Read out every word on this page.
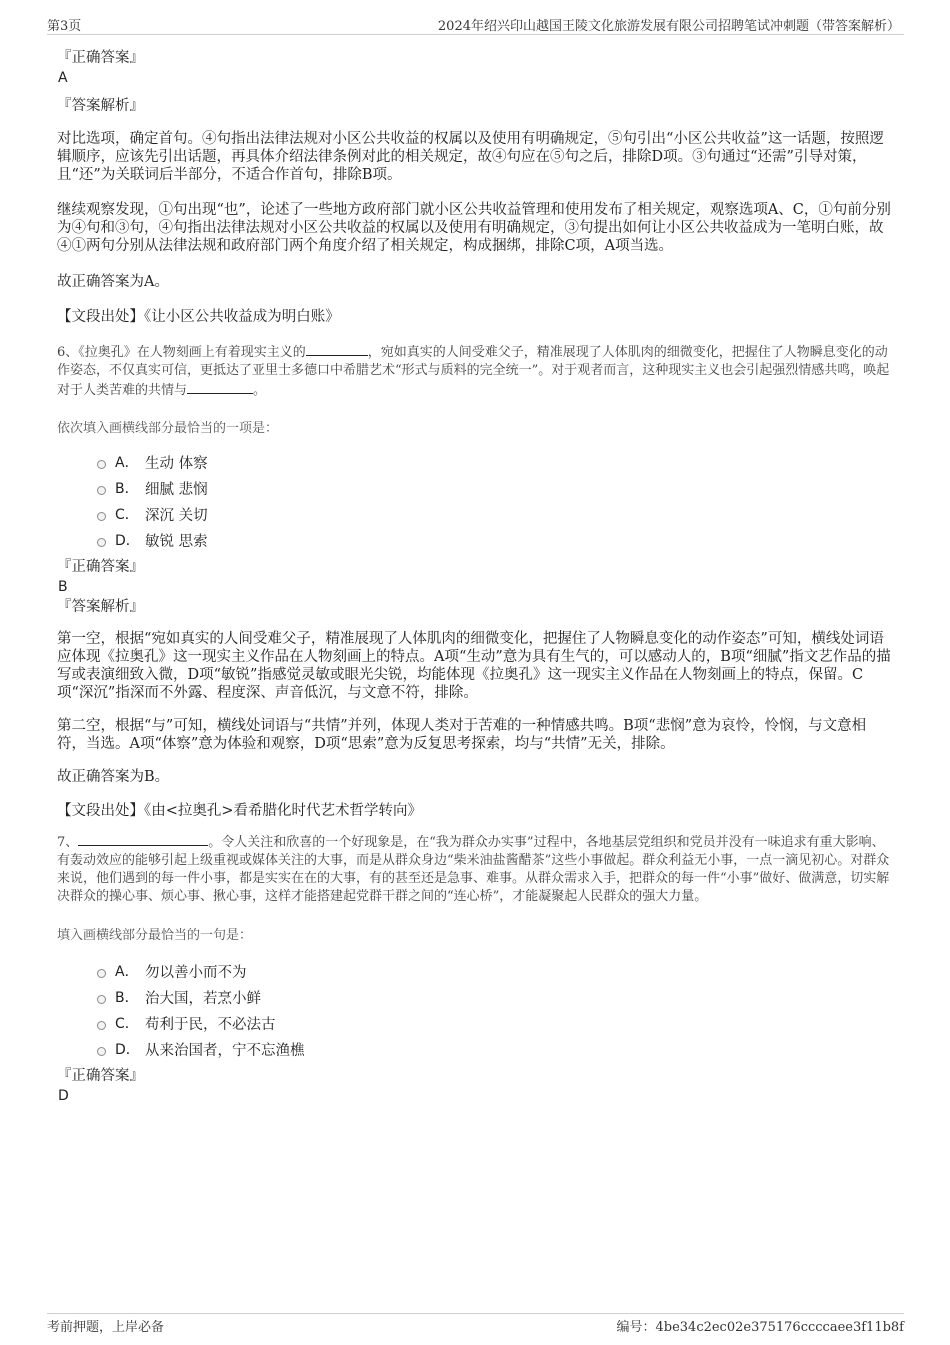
第3页	2024年绍兴印山越国王陵文化旅游发展有限公司招聘笔试冲刺题（带答案解析）
『正确答案』
A
『答案解析』

对比选项，确定首句。④句指出法律法规对小区公共收益的权属以及使用有明确规定，⑤句引出“小区公共收益”这一话题，按照逻辑顺序，应该先引出话题，再具体介绍法律条例对此的相关规定，故④句应在⑤句之后，排除D项。③句通过“还需”引导对策，且“还”为关联词后半部分，不适合作首句，排除B项。

继续观察发现，①句出现“也”，论述了一些地方政府部门就小区公共收益管理和使用发布了相关规定，观察选项A、C，①句前分别为④句和③句，④句指出法律法规对小区公共收益的权属以及使用有明确规定，③句提出如何让小区公共收益成为一笔明白账，故④①两句分别从法律法规和政府部门两个角度介绍了相关规定，构成捆绑，排除C项，A项当选。

故正确答案为A。

【文段出处】《让小区公共收益成为明白账》

6、《拉奥孔》在人物刻画上有着现实主义的	，宛如真实的人间受难父子，精准展现了人体肌肉的细微变化，把握住了人物瞬息变化的动作姿态，不仅真实可信，更抵达了亚里士多德口中希腊艺术“形式与质料的完全统一”。对于观者而言，这种现实主义也会引起强烈情感共鸣，唤起对于人类苦难的共情与	。

依次填入画横线部分最恰当的一项是：
A． 生动 体察
B． 细腻 悲悯
C． 深沉 关切
D． 敏锐 思索
『正确答案』
B
『答案解析』

第一空，根据“宛如真实的人间受难父子，精准展现了人体肌肉的细微变化，把握住了人物瞬息变化的动作姿态”可知，横线处词语应体现《拉奥孔》这一现实主义作品在人物刻画上的特点。A项“生动”意为具有生气的，可以感动人的，B项“细腻”指文艺作品的描写或表演细致入微，D项“敏锐”指感觉灵敏或眼光尖锐，均能体现《拉奥孔》这一现实主义作品在人物刻画上的特点，保留。C项“深沉”指深而不外露、程度深、声音低沉，与文意不符，排除。

第二空，根据“与”可知，横线处词语与“共情”并列，体现人类对于苦难的一种情感共鸣。B项“悲悯”意为哀怜，怜悯，与文意相符，当选。A项“体察”意为体验和观察，D项“思索”意为反复思考探索，均与“共情”无关，排除。

故正确答案为B。

【文段出处】《由<拉奥孔>看希腊化时代艺术哲学转向》

7、	。令人关注和欣喜的一个好现象是，在“我为群众办实事”过程中，各地基层党组织和党员并没有一味追求有重大影响、有轰动效应的能够引起上级重视或媒体关注的大事，而是从群众身边“柴米油盐酱醋茶”这些小事做起。群众利益无小事，一点一滴见初心。对群众来说，他们遇到的每一件小事，都是实实在在的大事，有的甚至还是急事、难事。从群众需求入手，把群众的每一件“小事”做好、做满意，切实解决群众的操心事、烦心事、揪心事，这样才能搭建起党群干群之间的“连心桥”，才能凝聚起人民群众的强大力量。

填入画横线部分最恰当的一句是：
A． 勿以善小而不为
B． 治大国，若烹小鲜
C． 苟利于民，不必法古
D． 从来治国者，宁不忘渔樵
『正确答案』
D
考前押题，上岸必备	编号：4be34c2ec02e375176ccccaee3f11b8f
